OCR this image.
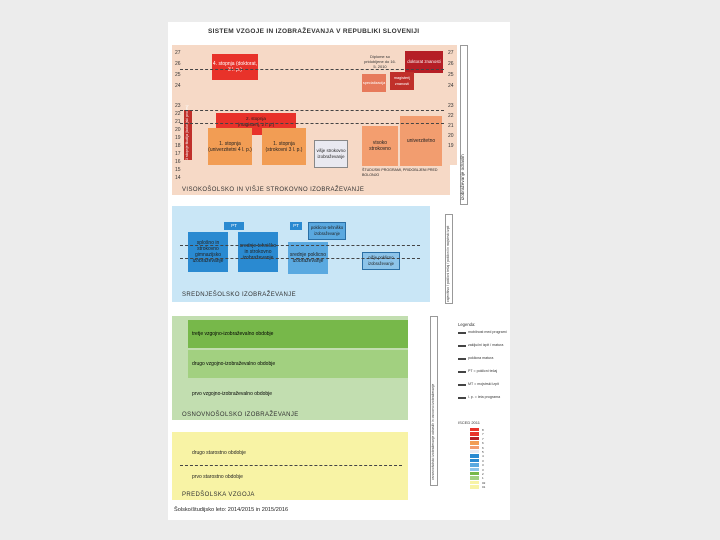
SISTEM VZGOJE IN IZOBRAŽEVANJA V REPUBLIKI SLOVENIJI
27
26
25
24
23
22
21
20
19
18
17
16
15
14
27
26
25
24
23
22
21
20
19
4. stopnja (doktorat, 3 l. p.)
Diplome so pridobljene do 16. 5. 2010
doktorat znanosti
specializacija
magisterij znanosti
3 stopnje študija (bolonjski proces)	2. stopnja (magisterij, 2 l. p.)
1. stopnja (univerzitetni 4 l. p.)
1. stopnja (strokovni 3 l. p.)	višje strokovno izobraževanje
visoko strokovno
univerzitetno
ŠTUDIJSKI PROGRAMI, PRIDOBLJENI PRED BOLONJO
VISOKOŠOLSKO IN VIŠJE STROKOVNO IZOBRAŽEVANJE	izobraževanje odraslih
PT	PT	poklicno-tehniško izobraževanje
splošno in strokovno gimnazijsko izobraževanje
srednje tehniško in strokovno izobraževanje	srednje poklicno izobraževanje
nižje poklicno izobraževanje
SREDNJEŠOLSKO IZOBRAŽEVANJE	vajeništvo / poklicni tečaj / poklicni in mojstrski izpit
tretje vzgojno-izobraževalno obdobje
drugo vzgojno-izobraževalno obdobje
prvo vzgojno-izobraževalno obdobje
OSNOVNOŠOLSKO IZOBRAŽEVANJE	osnovnošolsko izobraževanje odraslih in osnovno izobraževanje
drugo starostno obdobje
prvo starostno obdobje
PREDŠOLSKA VZGOJA
Šolsko/študijsko leto: 2014/2015 in 2015/2016
Legenda:
mobilnost med programi
zaključni izpit / matura
poklicna matura
PT = poklicni tečaj
MT = mojstrski izpit
l. p. = leta programa
ISCED 2011
8
7
7
6
6
5
4
3
3
3
2
1
02
01
